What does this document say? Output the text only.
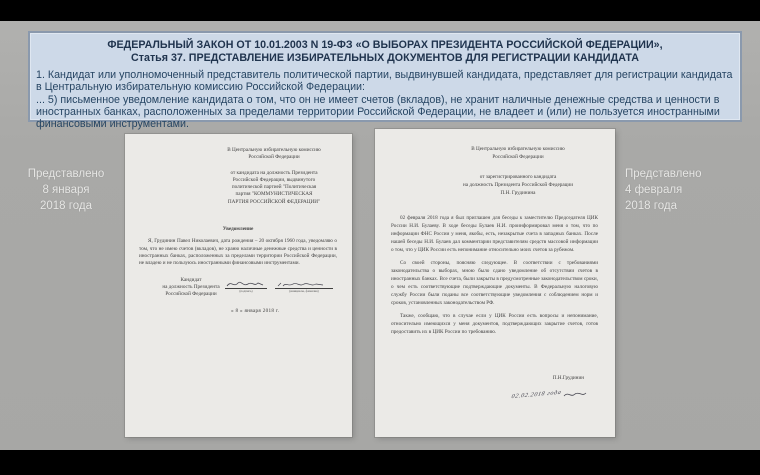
ФЕДЕРАЛЬНЫЙ ЗАКОН ОТ 10.01.2003 N 19-ФЗ «О ВЫБОРАХ ПРЕЗИДЕНТА РОССИЙСКОЙ ФЕДЕРАЦИИ»,
Статья 37. ПРЕДСТАВЛЕНИЕ ИЗБИРАТЕЛЬНЫХ ДОКУМЕНТОВ ДЛЯ РЕГИСТРАЦИИ КАНДИДАТА

1. Кандидат или уполномоченный представитель политической партии, выдвинувшей кандидата, представляет для регистрации кандидата в Центральную избирательную комиссию Российской Федерации:

... 5) письменное уведомление кандидата о том, что он не имеет счетов (вкладов), не хранит наличные денежные средства и ценности в иностранных банках, расположенных за пределами территории Российской Федерации, не владеет и (или) не пользуется иностранными финансовыми инструментами.

Представлено
8 января
2018 года
Представлено
4 февраля
2018 года
В Центральную избирательную комиссию
Российской Федерации
от кандидата на должность Президента
Российской Федерации, выдвинутого
политической партией "Политическая
партия "КОММУНИСТИЧЕСКАЯ
ПАРТИЯ РОССИЙСКОЙ ФЕДЕРАЦИИ"
Уведомление

Я, Грудинин Павел Николаевич, дата рождения – 20 октября 1960 года, уведомляю о том, что не имею счетов (вкладов), не храню наличные денежные средства и ценности в иностранных банках, расположенных за пределами территории Российской Федерации, не владею и не пользуюсь иностранными финансовыми инструментами.

Кандидат
на должность Президента
Российской Федерации
(подпись)	(инициалы, фамилия)
« 8 » января 2018 г.
В Центральную избирательную комиссию
Российской Федерации
от зарегистрированного кандидата
на должность Президента Российской Федерации
П.Н. Грудинина

02 февраля 2018 года я был приглашен для беседы к заместителю Председателя ЦИК России Н.И. Булаеву. В ходе беседы Булаев Н.И. проинформировал меня о том, что по информации ФНС России у меня, якобы, есть, незакрытые счета в западных банках. После нашей беседы Н.И. Булаев дал комментарии представителям средств массовой информации о том, что у ЦИК России есть непонимание относительно моих счетов за рубежом.

Со своей стороны, поясняю следующее. В соответствии с требованиями законодательства о выборах, мною было сдано уведомление об отсутствии счетов в иностранных банках. Все счета, были закрыты в предусмотренные законодательством сроки, о чем есть соответствующие подтверждающие документы. В Федеральную налоговую службу России были поданы все соответствующие уведомления с соблюдением норм и сроков, установленных законодательством РФ.

Также, сообщаю, что в случае если у ЦИК России есть вопросы и непонимание, относительно имеющихся у меня документов, подтверждающих закрытие счетов, готов предоставить их в ЦИК России по требованию.

П.Н.Грудинин
02.02.2018 года
